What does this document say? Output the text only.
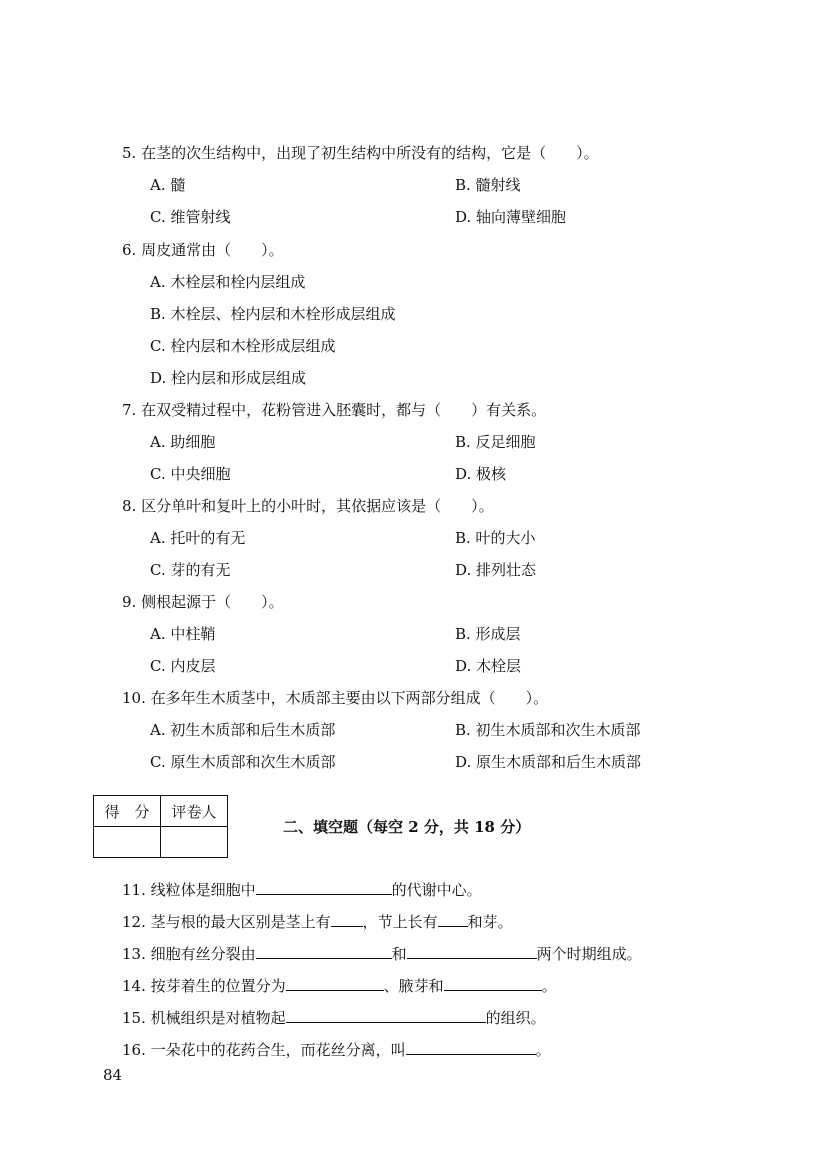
5. 在茎的次生结构中，出现了初生结构中所没有的结构，它是（　　）。
A. 髓	B. 髓射线
C. 维管射线	D. 轴向薄壁细胞
6. 周皮通常由（　　）。
A. 木栓层和栓内层组成
B. 木栓层、栓内层和木栓形成层组成
C. 栓内层和木栓形成层组成
D. 栓内层和形成层组成
7. 在双受精过程中，花粉管进入胚囊时，都与（　　）有关系。
A. 助细胞	B. 反足细胞
C. 中央细胞	D. 极核
8. 区分单叶和复叶上的小叶时，其依据应该是（　　）。
A. 托叶的有无	B. 叶的大小
C. 芽的有无	D. 排列壮态
9. 侧根起源于（　　）。
A. 中柱鞘	B. 形成层
C. 内皮层	D. 木栓层
10. 在多年生木质茎中，木质部主要由以下两部分组成（　　）。
A. 初生木质部和后生木质部	B. 初生木质部和次生木质部
C. 原生木质部和次生木质部	D. 原生木质部和后生木质部
得　分	评卷人

二、填空题（每空 2 分，共 18 分）
11. 线粒体是细胞中	的代谢中心。
12. 茎与根的最大区别是茎上有 ，节上长有 和芽。
13. 细胞有丝分裂由	和	两个时期组成。
14. 按芽着生的位置分为	、腋芽和	。
15. 机械组织是对植物起	的组织。
16. 一朵花中的花药合生，而花丝分离，叫	。
84
